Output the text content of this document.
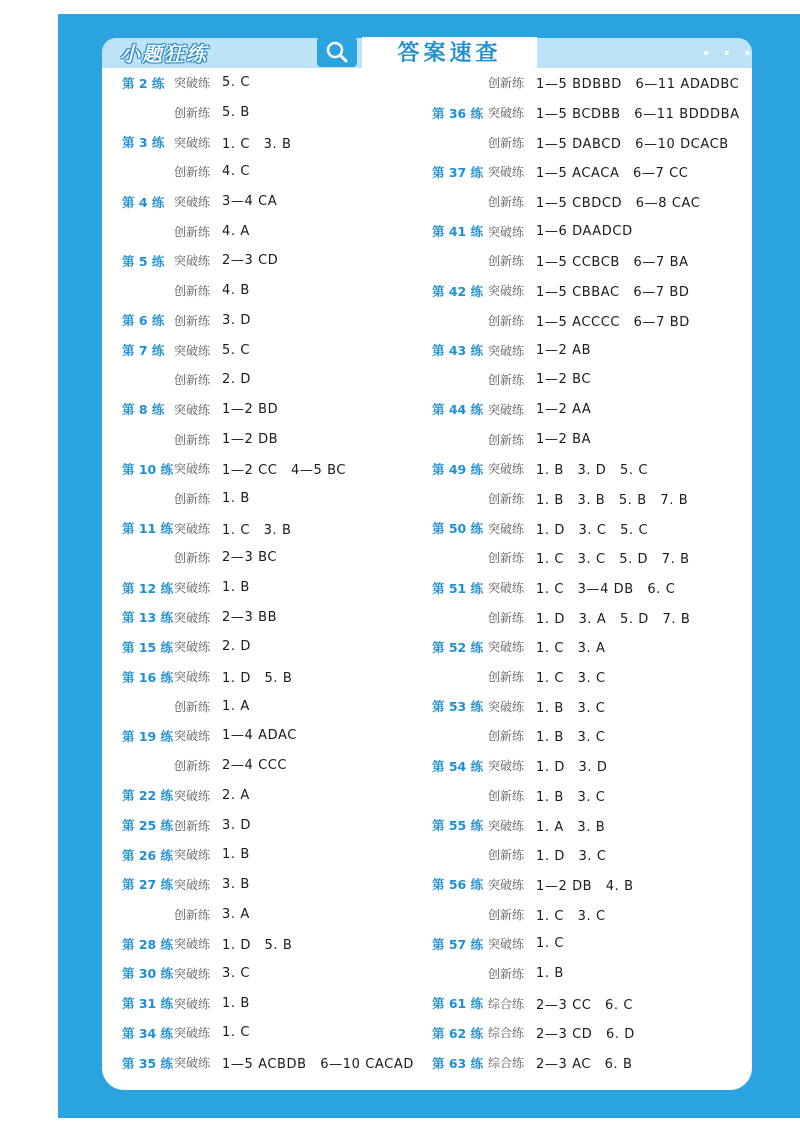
小题狂练	答案速查	• • •
第 2 练 突破练 5. C
创新练 5. B
第 3 练 突破练 1. C　3. B
创新练 4. C
第 4 练 突破练 3—4 CA
创新练 4. A
第 5 练 突破练 2—3 CD
创新练 4. B
第 6 练 创新练 3. D
第 7 练 突破练 5. C
创新练 2. D
第 8 练 突破练 1—2 BD
创新练 1—2 DB
第 10 练 突破练 1—2 CC　4—5 BC
创新练 1. B
第 11 练 突破练 1. C　3. B
创新练 2—3 BC
第 12 练 突破练 1. B
第 13 练 突破练 2—3 BB
第 15 练 突破练 2. D
第 16 练 突破练 1. D　5. B
创新练 1. A
第 19 练 突破练 1—4 ADAC
创新练 2—4 CCC
第 22 练 突破练 2. A
第 25 练 创新练 3. D
第 26 练 突破练 1. B
第 27 练 突破练 3. B
创新练 3. A
第 28 练 突破练 1. D　5. B
第 30 练 突破练 3. C
第 31 练 突破练 1. B
第 34 练 突破练 1. C
第 35 练 突破练 1—5 ACBDB　6—10 CACAD
创新练 1—5 BDBBD　6—11 ADADBC
第 36 练 突破练 1—5 BCDBB　6—11 BDDDBA
创新练 1—5 DABCD　6—10 DCACB
第 37 练 突破练 1—5 ACACA　6—7 CC
创新练 1—5 CBDCD　6—8 CAC
第 41 练 突破练 1—6 DAADCD
创新练 1—5 CCBCB　6—7 BA
第 42 练 突破练 1—5 CBBAC　6—7 BD
创新练 1—5 ACCCC　6—7 BD
第 43 练 突破练 1—2 AB
创新练 1—2 BC
第 44 练 突破练 1—2 AA
创新练 1—2 BA
第 49 练 突破练 1. B　3. D　5. C
创新练 1. B　3. B　5. B　7. B
第 50 练 突破练 1. D　3. C　5. C
创新练 1. C　3. C　5. D　7. B
第 51 练 突破练 1. C　3—4 DB　6. C
创新练 1. D　3. A　5. D　7. B
第 52 练 突破练 1. C　3. A
创新练 1. C　3. C
第 53 练 突破练 1. B　3. C
创新练 1. B　3. C
第 54 练 突破练 1. D　3. D
创新练 1. B　3. C
第 55 练 突破练 1. A　3. B
创新练 1. D　3. C
第 56 练 突破练 1—2 DB　4. B
创新练 1. C　3. C
第 57 练 突破练 1. C
创新练 1. B
第 61 练 综合练 2—3 CC　6. C
第 62 练 综合练 2—3 CD　6. D
第 63 练 综合练 2—3 AC　6. B
